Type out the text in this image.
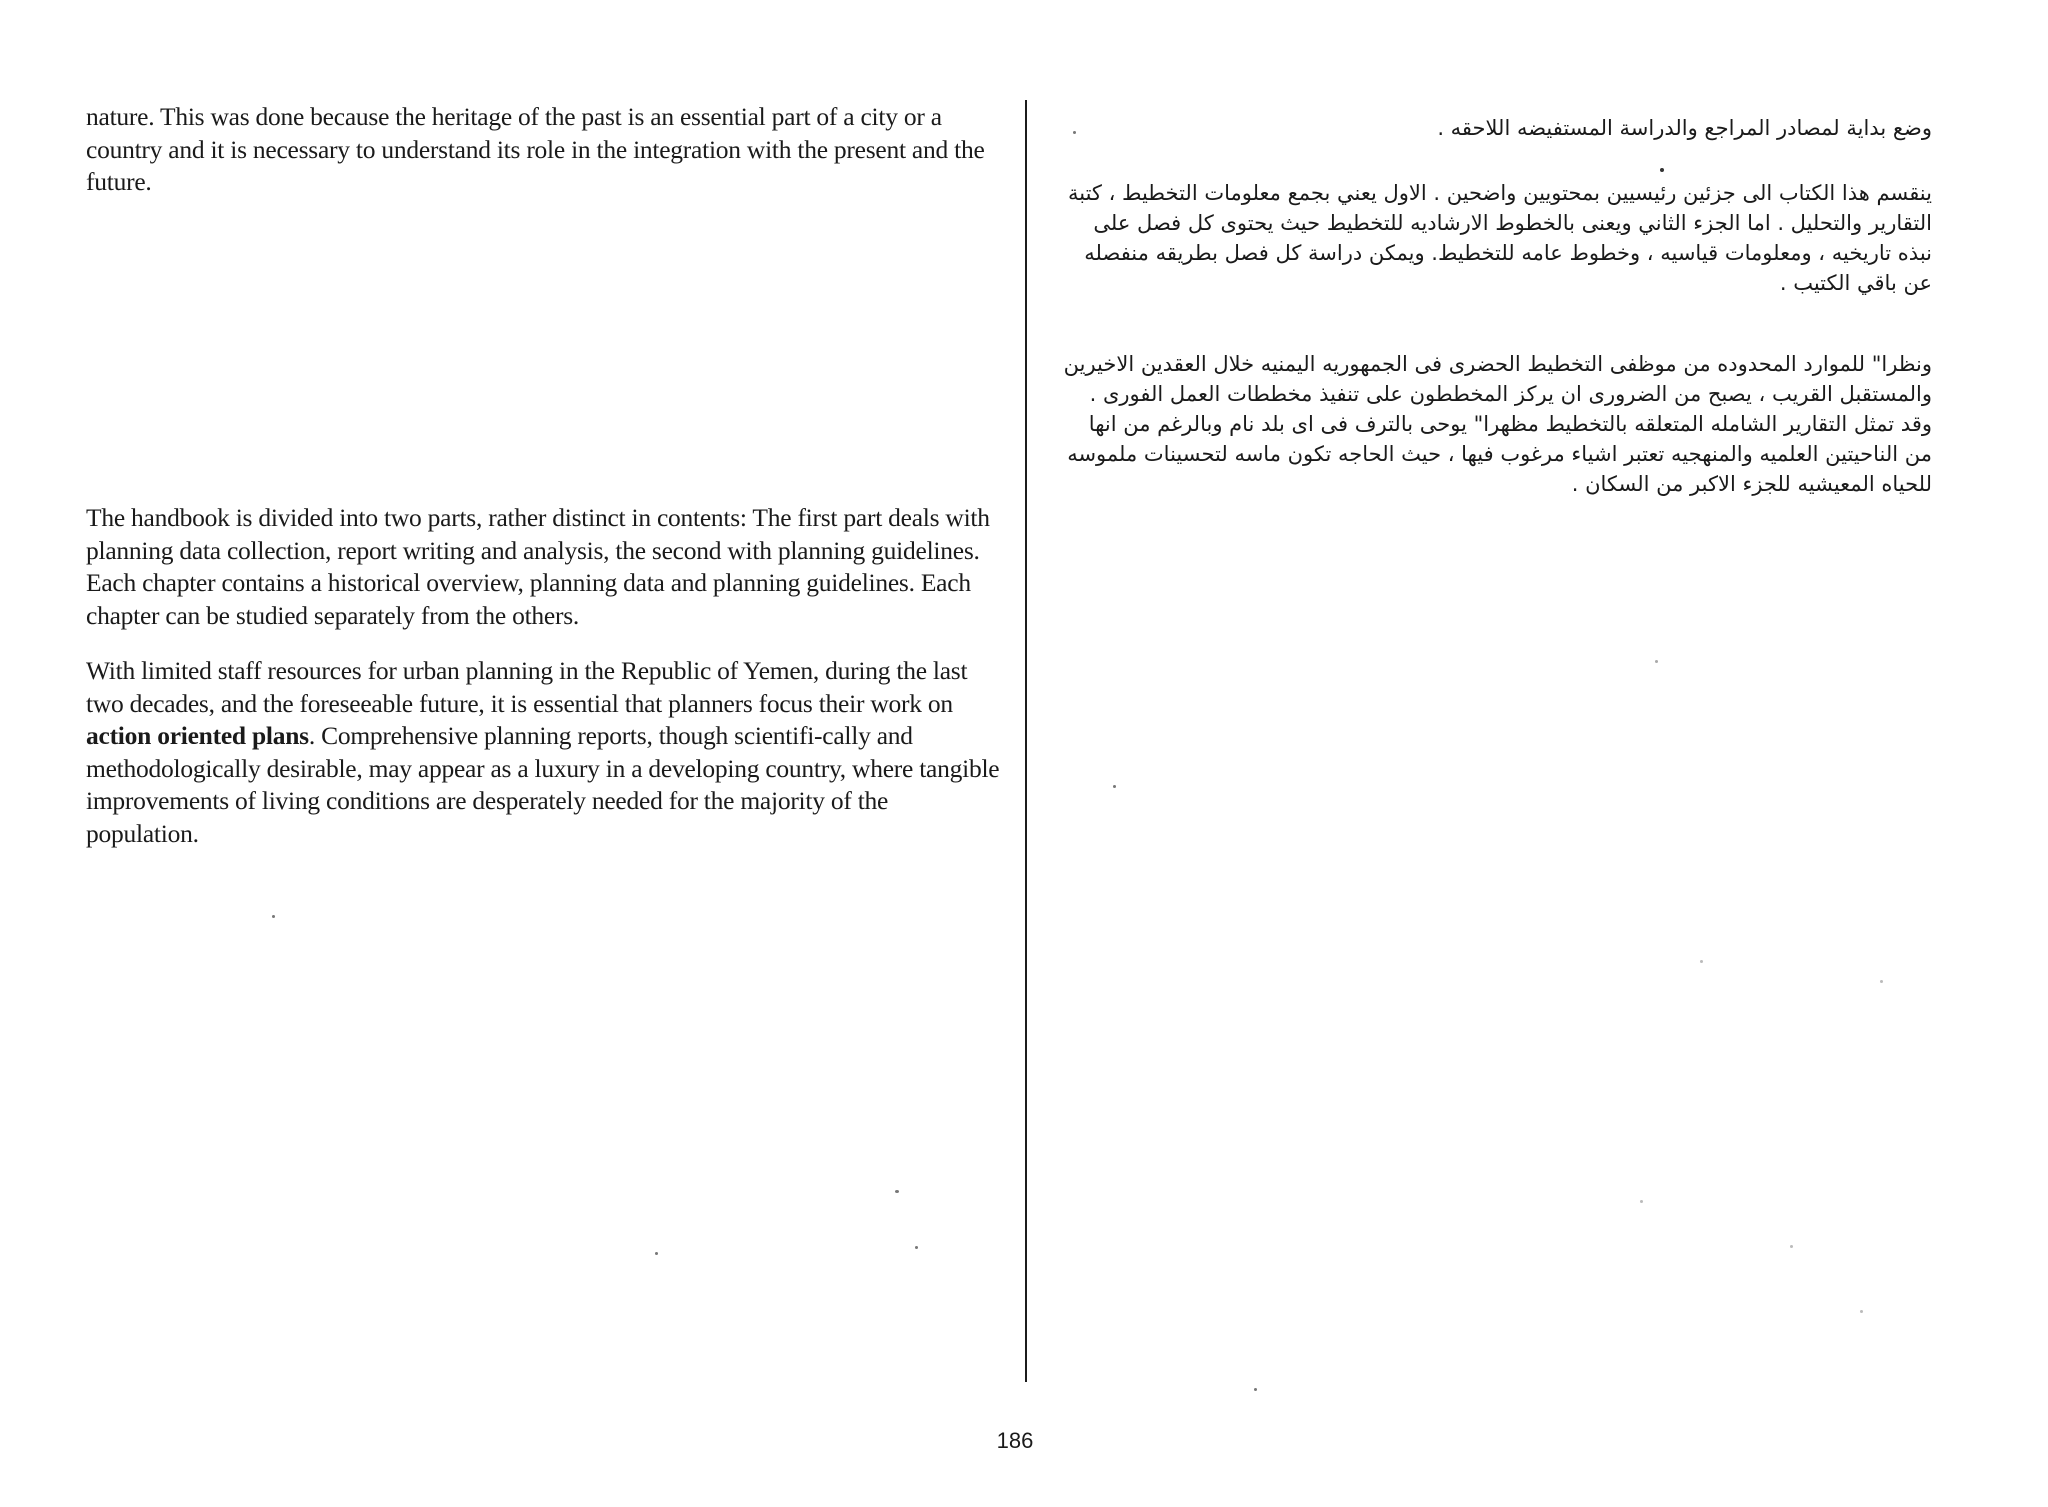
nature. This was done because the heritage of the past is an essential part of a city or a country and it is necessary to understand its role in the integration with the present and the future.

The handbook is divided into two parts, rather distinct in contents: The first part deals with planning data collection, report writing and analysis, the second with planning guidelines. Each chapter contains a historical overview, planning data and planning guidelines. Each chapter can be studied separately from the others.

With limited staff resources for urban planning in the Republic of Yemen, during the last two decades, and the foreseeable future, it is essential that planners focus their work on action oriented plans. Comprehensive planning reports, though scientifi-cally and methodologically desirable, may appear as a luxury in a developing country, where tangible improvements of living conditions are desperately needed for the majority of the population.

وضع بداية لمصادر المراجع والدراسة المستفيضه اللاحقه .

ينقسم هذا الكتاب الى جزئين رئيسيين بمحتويين واضحين . الاول يعني بجمع معلومات التخطيط ، كتبة التقارير والتحليل . اما الجزء الثاني ويعنى بالخطوط الارشاديه للتخطيط حيث يحتوى كل فصل على نبذه تاريخيه ، ومعلومات قياسيه ، وخطوط عامه للتخطيط. ويمكن دراسة كل فصل بطريقه منفصله عن باقي الكتيب .

ونظرا" للموارد المحدوده من موظفى التخطيط الحضرى فى الجمهوريه اليمنيه خلال العقدين الاخيرين والمستقبل القريب ، يصبح من الضرورى ان يركز المخططون على تنفيذ مخططات العمل الفورى . وقد تمثل التقارير الشامله المتعلقه بالتخطيط مظهرا" يوحى بالترف فى اى بلد نام وبالرغم من انها من الناحيتين العلميه والمنهجيه تعتبر اشياء مرغوب فيها ، حيث الحاجه تكون ماسه لتحسينات ملموسه للحياه المعيشيه للجزء الاكبر من السكان .

186
